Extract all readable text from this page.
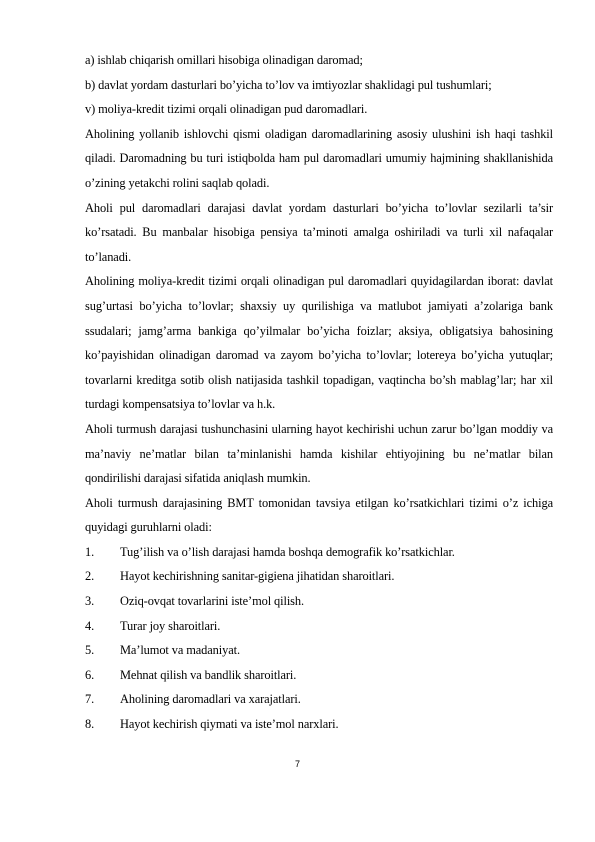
a) ishlab chiqarish omillari hisobiga olinadigan daromad;

b) davlat yordam dasturlari bo’yicha to’lov va imtiyozlar shaklidagi pul tushumlari;

v) moliya-kredit tizimi orqali olinadigan pud daromadlari.

Aholining yollanib ishlovchi qismi oladigan daromadlarining asosiy ulushini ish haqi tashkil qiladi. Daromadning bu turi istiqbolda ham pul daromadlari umumiy hajmining shakllanishida o’zining yetakchi rolini saqlab qoladi.

Aholi pul daromadlari darajasi davlat yordam dasturlari bo’yicha to’lovlar sezilarli ta’sir ko’rsatadi. Bu manbalar hisobiga pensiya ta’minoti amalga oshiriladi va turli xil nafaqalar to’lanadi.

Aholining moliya-kredit tizimi orqali olinadigan pul daromadlari quyidagilardan iborat: davlat sug’urtasi bo’yicha to’lovlar; shaxsiy uy qurilishiga va matlubot jamiyati a’zolariga bank ssudalari; jamg’arma bankiga qo’yilmalar bo’yicha foizlar; aksiya, obligatsiya bahosining ko’payishidan olinadigan daromad va zayom bo’yicha to’lovlar; lotereya bo’yicha yutuqlar; tovarlarni kreditga sotib olish natijasida tashkil topadigan, vaqtincha bo’sh mablag’lar; har xil turdagi kompensatsiya to’lovlar va h.k.

Aholi turmush darajasi tushunchasini ularning hayot kechirishi uchun zarur bo’lgan moddiy va ma’naviy ne’matlar bilan ta’minlanishi hamda kishilar ehtiyojining bu ne’matlar bilan qondirilishi darajasi sifatida aniqlash mumkin.

Aholi turmush darajasining BMT tomonidan tavsiya etilgan ko’rsatkichlari tizimi o’z ichiga quyidagi guruhlarni oladi:

1.	Tug’ilish va o’lish darajasi hamda boshqa demografik ko’rsatkichlar.
2.	Hayot kechirishning sanitar-gigiena jihatidan sharoitlari.
3.	Oziq-ovqat tovarlarini iste’mol qilish.
4.	Turar joy sharoitlari.
5.	Ma’lumot va madaniyat.
6.	Mehnat qilish va bandlik sharoitlari.
7.	Aholining daromadlari va xarajatlari.
8.	Hayot kechirish qiymati va iste’mol narxlari.
7
